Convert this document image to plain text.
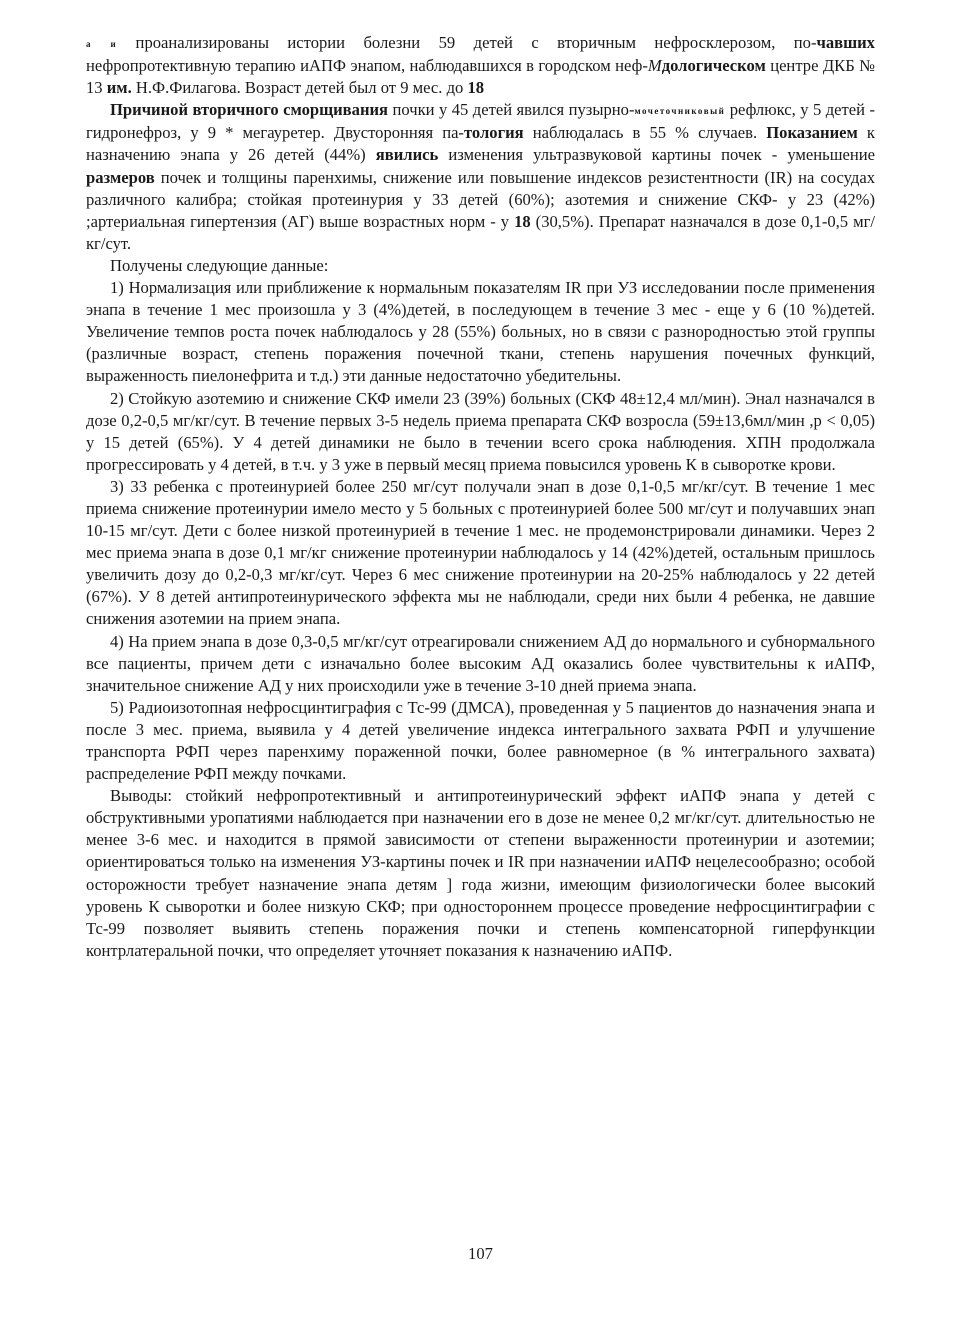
а и проанализированы истории болезни 59 детей с вторичным нефросклерозом, по-чавших нефропротективную терапию иАПФ энапом, наблюдавшихся в городском неф-Мдологическом центре ДКБ № 13 им. Н.Ф.Филагова. Возраст детей был от 9 мес. до 18

Причиной вторичного сморщивания почки у 45 детей явился пузырно-мочеточниковый рефлюкс, у 5 детей - гидронефроз, у 9 * мегауретер. Двусторонняя па-тология наблюдалась в 55 % случаев. Показанием к назначению энапа у 26 детей (44%) явились изменения ультразвуковой картины почек - уменьшение размеров почек и толщины паренхимы, снижение или повышение индексов резистентности (IR) на сосудах различного калибра; стойкая протеинурия у 33 детей (60%); азотемия и снижение СКФ- у 23 (42%) ;артериальная гипертензия (АГ) выше возрастных норм - у 18 (30,5%). Препарат назначался в дозе 0,1-0,5 мг/кг/сут.

Получены следующие данные:

1) Нормализация или приближение к нормальным показателям IR при УЗ исследовании после применения энапа в течение 1 мес произошла у 3 (4%)детей, в последующем в течение 3 мес - еще у 6 (10 %)детей. Увеличение темпов роста почек наблюдалось у 28 (55%) больных, но в связи с разнородностью этой группы (различные возраст, степень поражения почечной ткани, степень нарушения почечных функций, выраженность пиелонефрита и т.д.) эти данные недостаточно убедительны.

2) Стойкую азотемию и снижение СКФ имели 23 (39%) больных (СКФ 48±12,4 мл/мин). Энал назначался в дозе 0,2-0,5 мг/кг/сут. В течение первых 3-5 недель приема препарата СКФ возросла (59±13,6мл/мин ,р < 0,05) у 15 детей (65%). У 4 детей динамики не было в течении всего срока наблюдения. ХПН продолжала прогрессировать у 4 детей, в т.ч. у 3 уже в первый месяц приема повысился уровень К в сыворотке крови.

3) 33 ребенка с протеинурией более 250 мг/сут получали энап в дозе 0,1-0,5 мг/кг/сут. В течение 1 мес приема снижение протеинурии имело место у 5 больных с протеинурией более 500 мг/сут и получавших энап 10-15 мг/сут. Дети с более низкой протеинурией в течение 1 мес. не продемонстрировали динамики. Через 2 мес приема энапа в дозе 0,1 мг/кг снижение протеинурии наблюдалось у 14 (42%)детей, остальным пришлось увеличить дозу до 0,2-0,3 мг/кг/сут. Через 6 мес снижение протеинурии на 20-25% наблюдалось у 22 детей (67%). У 8 детей антипротеинурического эффекта мы не наблюдали, среди них были 4 ребенка, не давшие снижения азотемии на прием энапа.

4) На прием энапа в дозе 0,3-0,5 мг/кг/сут отреагировали снижением АД до нормального и субнормального все пациенты, причем дети с изначально более высоким АД оказались более чувствительны к иАПФ, значительное снижение АД у них происходили уже в течение 3-10 дней приема энапа.

5) Радиоизотопная нефросцинтиграфия с Тс-99 (ДМСА), проведенная у 5 пациентов до назначения энапа и после 3 мес. приема, выявила у 4 детей увеличение индекса интегрального захвата РФП и улучшение транспорта РФП через паренхиму пораженной почки, более равномерное (в % интегрального захвата) распределение РФП между почками.

Выводы: стойкий нефропротективный и антипротеинурический эффект иАПФ энапа у детей с обструктивными уропатиями наблюдается при назначении его в дозе не менее 0,2 мг/кг/сут. длительностью не менее 3-6 мес. и находится в прямой зависимости от степени выраженности протеинурии и азотемии; ориентироваться только на изменения УЗ-картины почек и IR при назначении иАПФ нецелесообразно; особой осторожности требует назначение энапа детям ] года жизни, имеющим физиологически более высокий уровень К сыворотки и более низкую СКФ; при одностороннем процессе проведение нефросцинтиграфии с Тс-99 позволяет выявить степень поражения почки и степень компенсаторной гиперфункции контрлатеральной почки, что определяет уточняет показания к назначению иАПФ.

107
